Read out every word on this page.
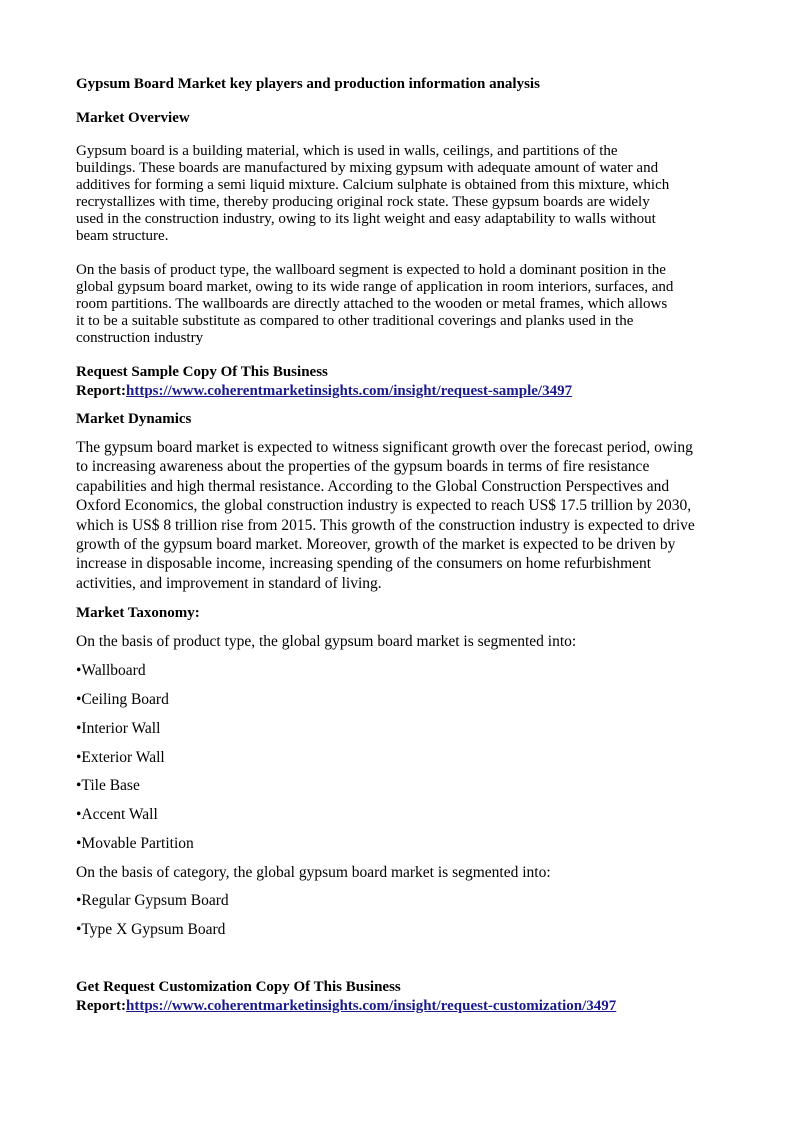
Gypsum Board Market key players and production information analysis
Market Overview
Gypsum board is a building material, which is used in walls, ceilings, and partitions of the
buildings. These boards are manufactured by mixing gypsum with adequate amount of water and
additives for forming a semi liquid mixture. Calcium sulphate is obtained from this mixture, which
recrystallizes with time, thereby producing original rock state. These gypsum boards are widely
used in the construction industry, owing to its light weight and easy adaptability to walls without
beam structure.
On the basis of product type, the wallboard segment is expected to hold a dominant position in the
global gypsum board market, owing to its wide range of application in room interiors, surfaces, and
room partitions. The wallboards are directly attached to the wooden or metal frames, which allows
it to be a suitable substitute as compared to other traditional coverings and planks used in the
construction industry
Request Sample Copy Of This Business
Report:https://www.coherentmarketinsights.com/insight/request-sample/3497
Market Dynamics
The gypsum board market is expected to witness significant growth over the forecast period, owing
to increasing awareness about the properties of the gypsum boards in terms of fire resistance
capabilities and high thermal resistance. According to the Global Construction Perspectives and
Oxford Economics, the global construction industry is expected to reach US$ 17.5 trillion by 2030,
which is US$ 8 trillion rise from 2015. This growth of the construction industry is expected to drive
growth of the gypsum board market. Moreover, growth of the market is expected to be driven by
increase in disposable income, increasing spending of the consumers on home refurbishment
activities, and improvement in standard of living.
Market Taxonomy:
On the basis of product type, the global gypsum board market is segmented into:
•Wallboard
•Ceiling Board
•Interior Wall
•Exterior Wall
•Tile Base
•Accent Wall
•Movable Partition
On the basis of category, the global gypsum board market is segmented into:
•Regular Gypsum Board
•Type X Gypsum Board
Get Request Customization Copy Of This Business
Report:https://www.coherentmarketinsights.com/insight/request-customization/3497
